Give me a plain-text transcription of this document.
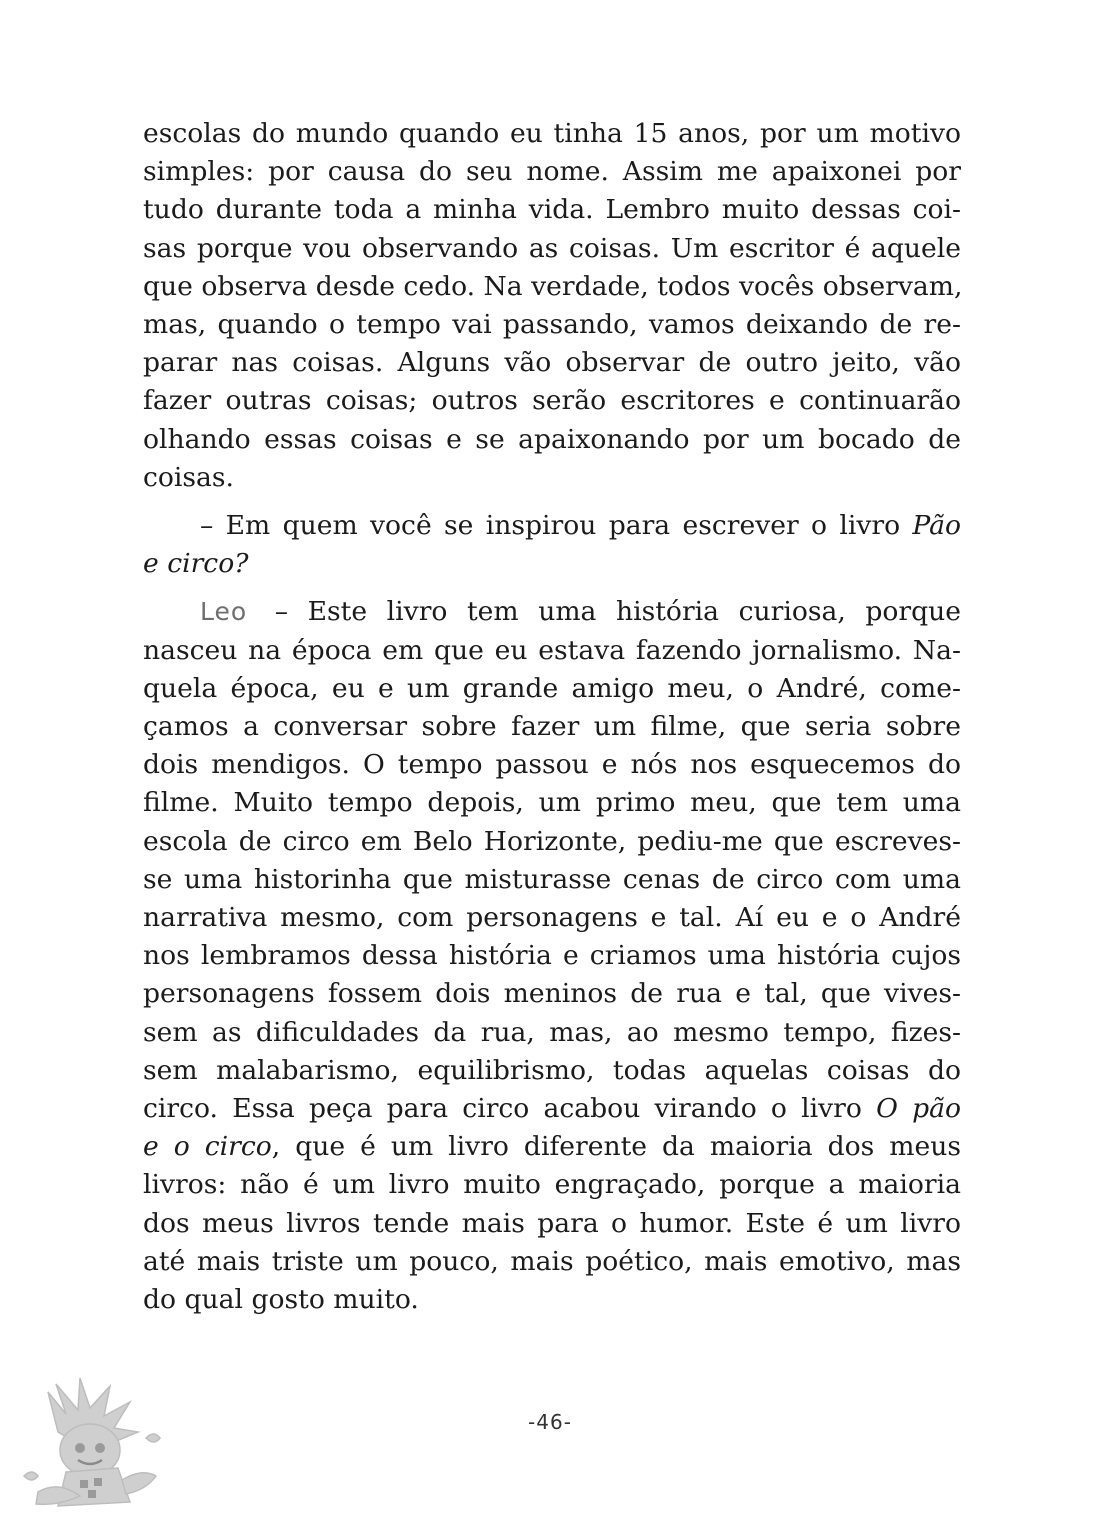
escolas do mundo quando eu tinha 15 anos, por um motivo
simples: por causa do seu nome. Assim me apaixonei por
tudo durante toda a minha vida. Lembro muito dessas coi-
sas porque vou observando as coisas. Um escritor é aquele
que observa desde cedo. Na verdade, todos vocês observam,
mas, quando o tempo vai passando, vamos deixando de re-
parar nas coisas. Alguns vão observar de outro jeito, vão
fazer outras coisas; outros serão escritores e continuarão
olhando essas coisas e se apaixonando por um bocado de
coisas.
– Em quem você se inspirou para escrever o livro Pão
e circo?
Leo – Este livro tem uma história curiosa, porque
nasceu na época em que eu estava fazendo jornalismo. Na-
quela época, eu e um grande amigo meu, o André, come-
çamos a conversar sobre fazer um filme, que seria sobre
dois mendigos. O tempo passou e nós nos esquecemos do
filme. Muito tempo depois, um primo meu, que tem uma
escola de circo em Belo Horizonte, pediu-me que escreves-
se uma historinha que misturasse cenas de circo com uma
narrativa mesmo, com personagens e tal. Aí eu e o André
nos lembramos dessa história e criamos uma história cujos
personagens fossem dois meninos de rua e tal, que vives-
sem as dificuldades da rua, mas, ao mesmo tempo, fizes-
sem malabarismo, equilibrismo, todas aquelas coisas do
circo. Essa peça para circo acabou virando o livro O pão
e o circo, que é um livro diferente da maioria dos meus
livros: não é um livro muito engraçado, porque a maioria
dos meus livros tende mais para o humor. Este é um livro
até mais triste um pouco, mais poético, mais emotivo, mas
do qual gosto muito.
-46-
